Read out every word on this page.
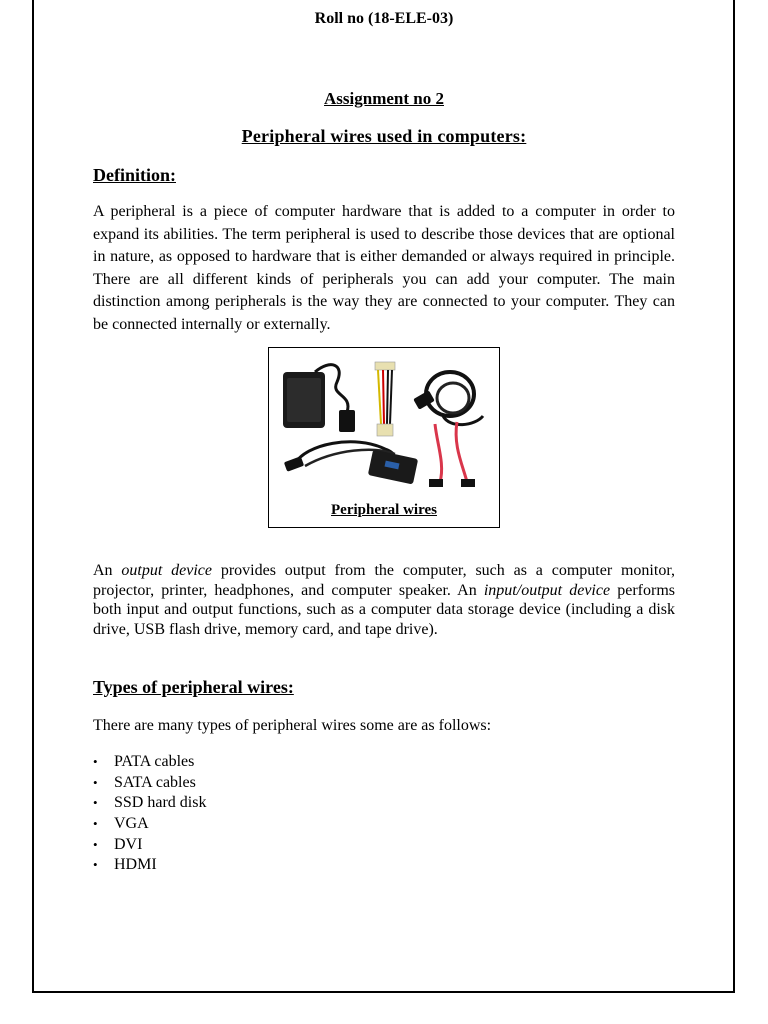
Roll no (18-ELE-03)
Assignment no 2
Peripheral wires used in computers:
Definition:

A peripheral is a piece of computer hardware that is added to a computer in order to expand its abilities. The term peripheral is used to describe those devices that are optional in nature, as opposed to hardware that is either demanded or always required in principle. There are all different kinds of peripherals you can add your computer. The main distinction among peripherals is the way they are connected to your computer. They can be connected internally or externally.

Peripheral wires

An output device provides output from the computer, such as a computer monitor, projector, printer, headphones, and computer speaker. An input/output device performs both input and output functions, such as a computer data storage device (including a disk drive, USB flash drive, memory card, and tape drive).

Types of peripheral wires:

There are many types of peripheral wires some are as follows:

• PATA cables
• SATA cables
• SSD hard disk
• VGA
• DVI
• HDMI
